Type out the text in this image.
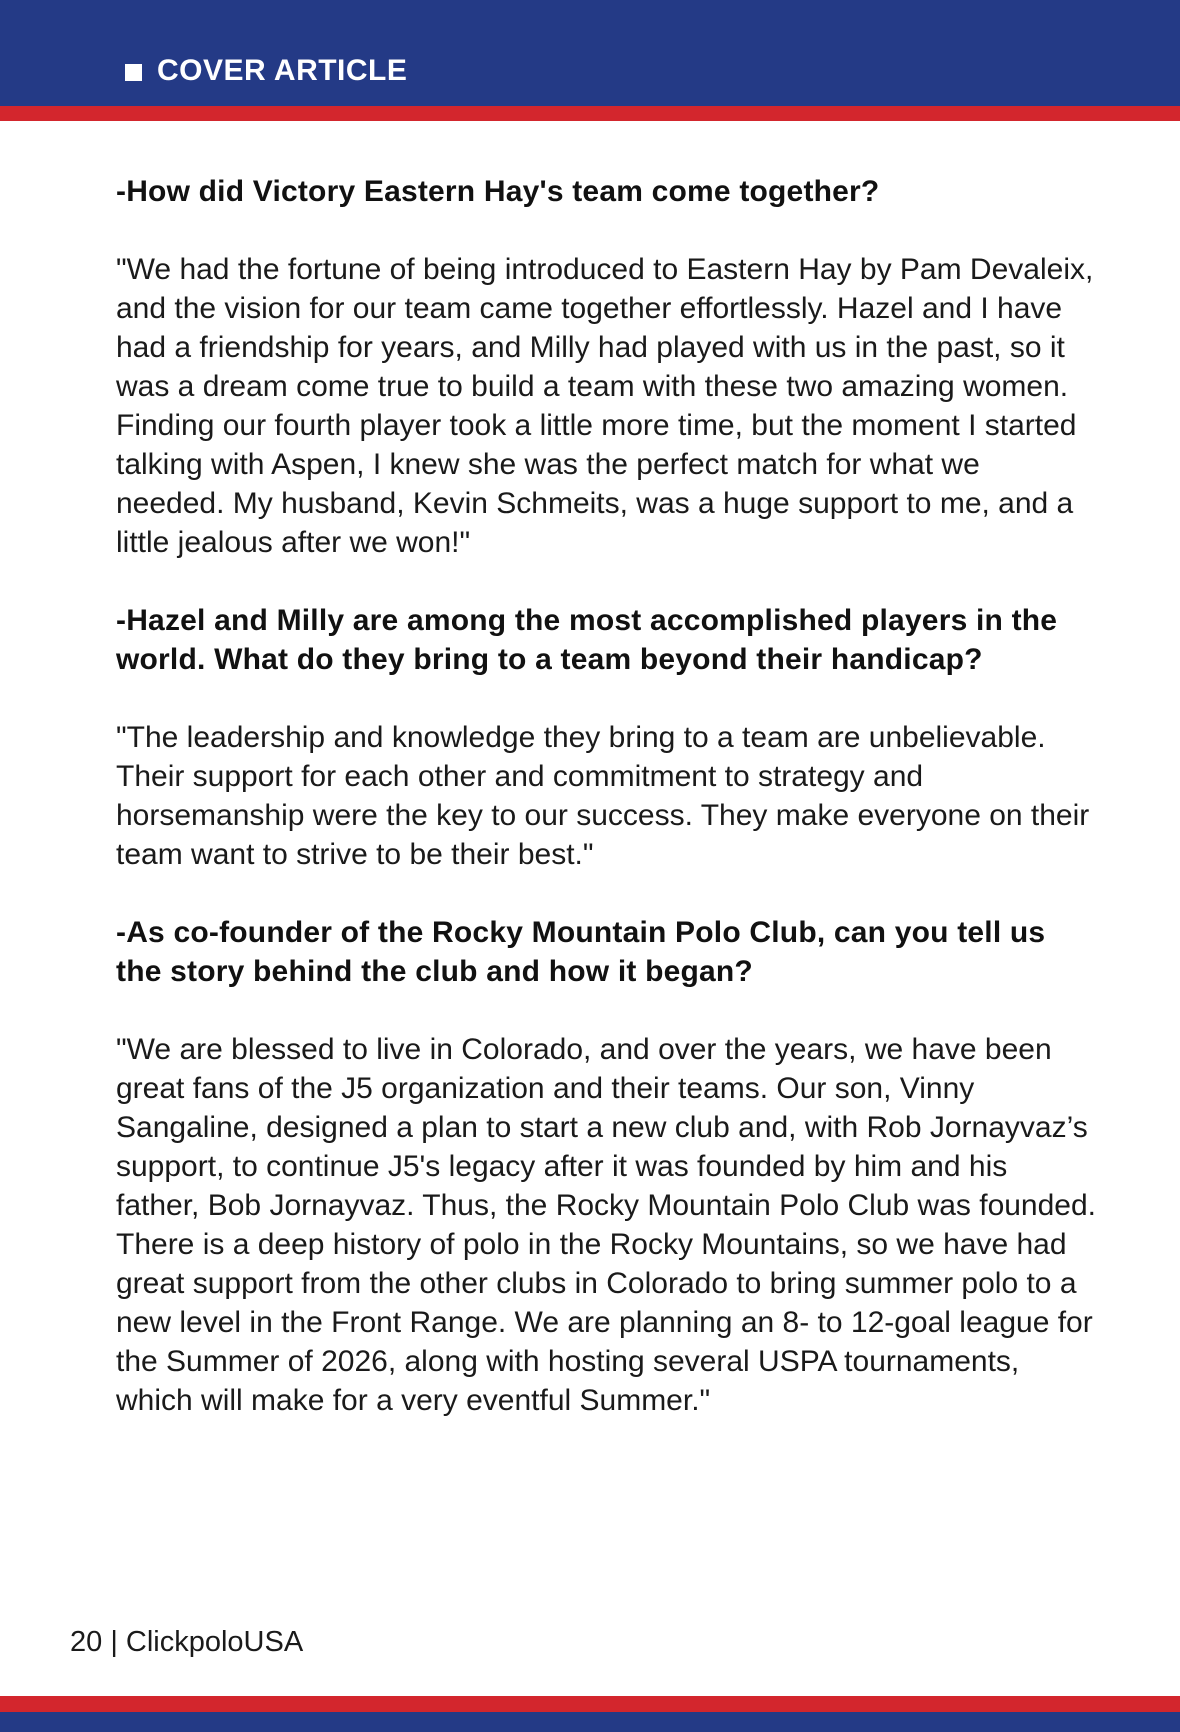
COVER ARTICLE
-How did Victory Eastern Hay's team come together?
"We had the fortune of being introduced to Eastern Hay by Pam Devaleix, and the vision for our team came together effortlessly. Hazel and I have had a friendship for years, and Milly had played with us in the past, so it was a dream come true to build a team with these two amazing women. Finding our fourth player took a little more time, but the moment I started talking with Aspen, I knew she was the perfect match for what we needed. My husband, Kevin Schmeits, was a huge support to me, and a little jealous after we won!"
-Hazel and Milly are among the most accomplished players in the world. What do they bring to a team beyond their handicap?
"The leadership and knowledge they bring to a team are unbelievable. Their support for each other and commitment to strategy and horsemanship were the key to our success. They make everyone on their team want to strive to be their best."
-As co-founder of the Rocky Mountain Polo Club, can you tell us the story behind the club and how it began?
"We are blessed to live in Colorado, and over the years, we have been great fans of the J5 organization and their teams. Our son, Vinny Sangaline, designed a plan to start a new club and, with Rob Jornayvaz’s support, to continue J5's legacy after it was founded by him and his father, Bob Jornayvaz. Thus, the Rocky Mountain Polo Club was founded. There is a deep history of polo in the Rocky Mountains, so we have had great support from the other clubs in Colorado to bring summer polo to a new level in the Front Range. We are planning an 8- to 12-goal league for the Summer of 2026, along with hosting several USPA tournaments, which will make for a very eventful Summer."
20 | ClickpoloUSA
